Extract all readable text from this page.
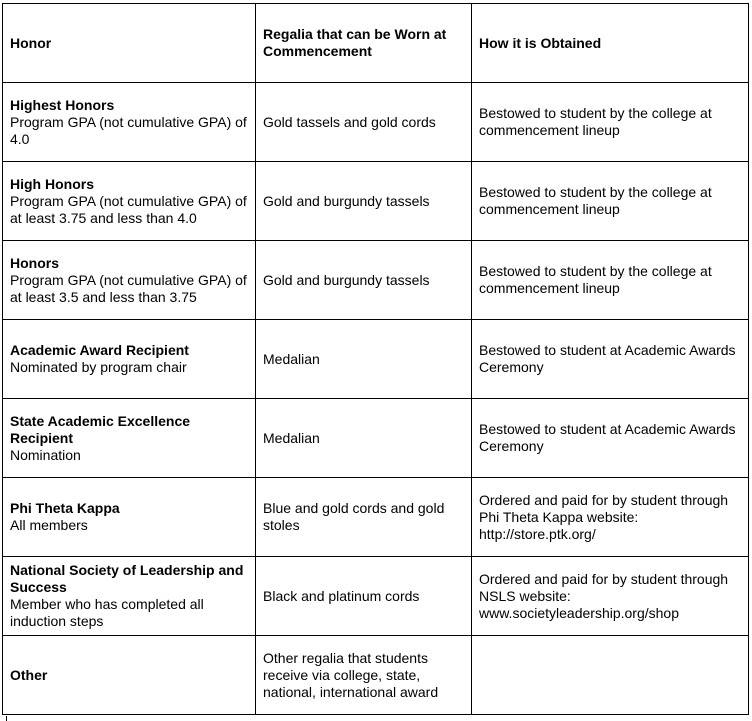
Honor	Regalia that can be Worn at Commencement	How it is Obtained

Highest Honors
Program GPA (not cumulative GPA) of 4.0	Gold tassels and gold cords	Bestowed to student by the college at commencement lineup

High Honors
Program GPA (not cumulative GPA) of at least 3.75 and less than 4.0	Gold and burgundy tassels	Bestowed to student by the college at commencement lineup

Honors
Program GPA (not cumulative GPA) of at least 3.5 and less than 3.75	Gold and burgundy tassels	Bestowed to student by the college at commencement lineup

Academic Award Recipient
Nominated by program chair	Medalian	Bestowed to student at Academic Awards Ceremony

State Academic Excellence Recipient
Nomination	Medalian	Bestowed to student at Academic Awards Ceremony

Phi Theta Kappa
All members	Blue and gold cords and gold stoles	Ordered and paid for by student through Phi Theta Kappa website: http://store.ptk.org/

National Society of Leadership and Success
Member who has completed all induction steps	Black and platinum cords	Ordered and paid for by student through NSLS website: www.societyleadership.org/shop

Other	Other regalia that students receive via college, state, national, international award	
